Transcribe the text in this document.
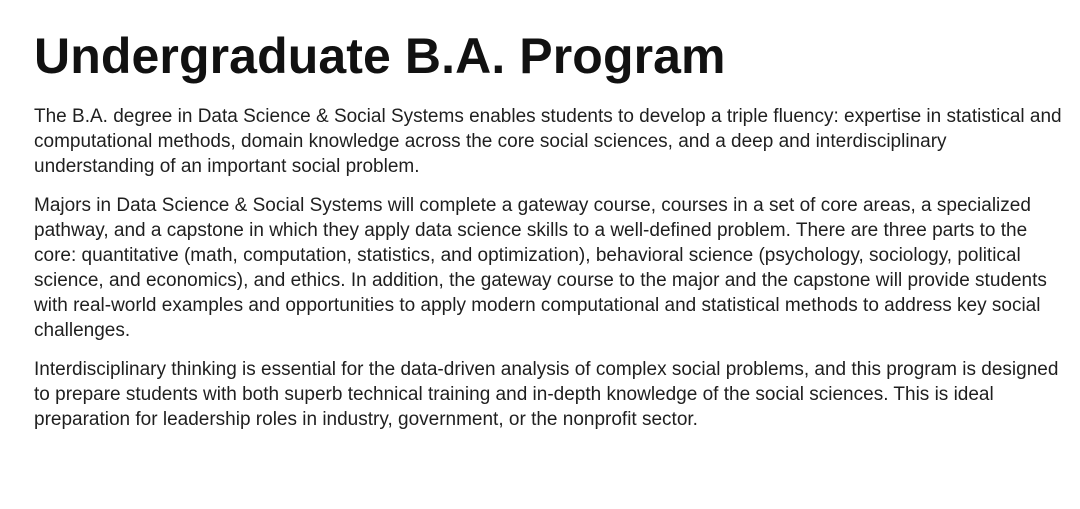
Undergraduate B.A. Program

The B.A. degree in Data Science & Social Systems enables students to develop a triple fluency: expertise in statistical and computational methods, domain knowledge across the core social sciences, and a deep and interdisciplinary understanding of an important social problem.

Majors in Data Science & Social Systems will complete a gateway course, courses in a set of core areas, a specialized pathway, and a capstone in which they apply data science skills to a well-defined problem. There are three parts to the core: quantitative (math, computation, statistics, and optimization), behavioral science (psychology, sociology, political science, and economics), and ethics. In addition, the gateway course to the major and the capstone will provide students with real-world examples and opportunities to apply modern computational and statistical methods to address key social challenges.

Interdisciplinary thinking is essential for the data-driven analysis of complex social problems, and this program is designed to prepare students with both superb technical training and in-depth knowledge of the social sciences. This is ideal preparation for leadership roles in industry, government, or the nonprofit sector.
